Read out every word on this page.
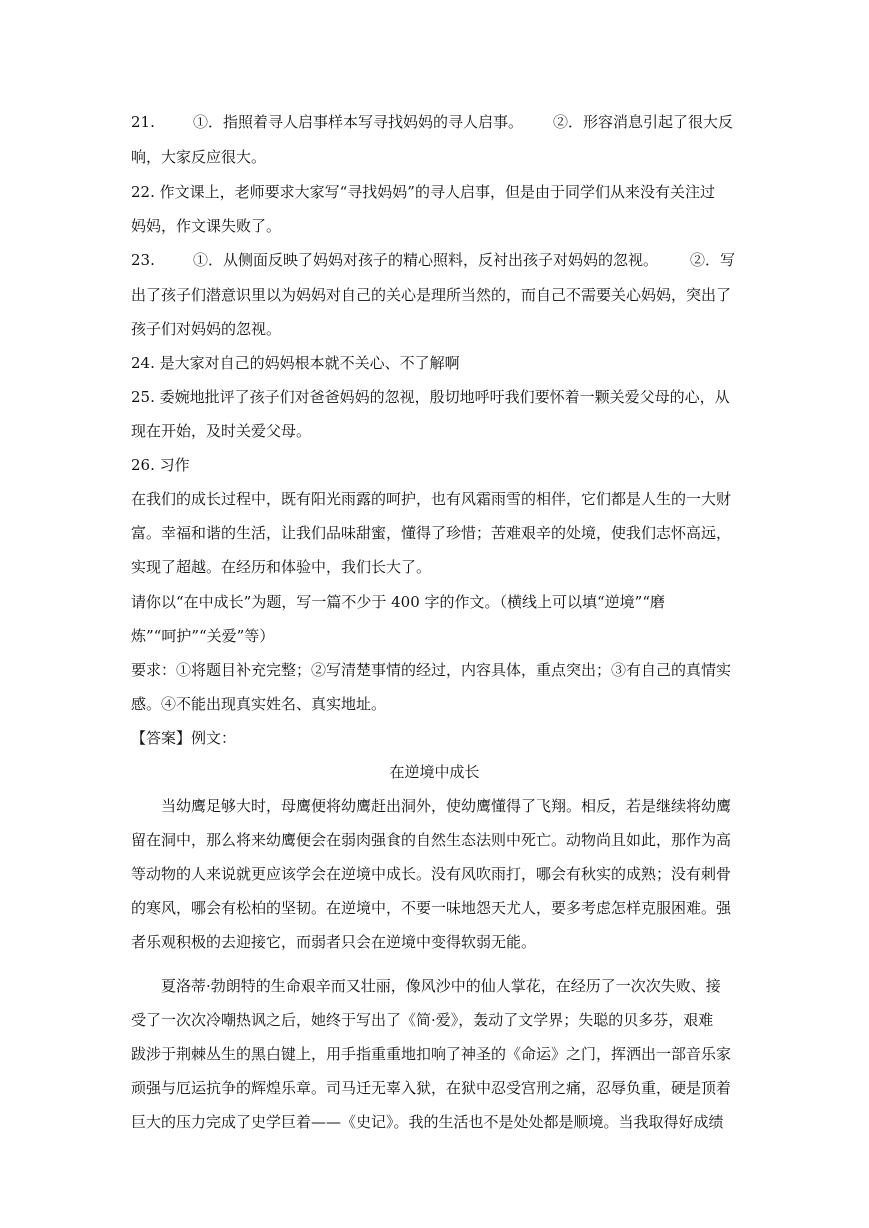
21.	①．指照着寻人启事样本写寻找妈妈的寻人启事。 ②．形容消息引起了很大反
响，大家反应很大。
22. 作文课上，老师要求大家写“寻找妈妈”的寻人启事，但是由于同学们从来没有关注过
妈妈，作文课失败了。
23.	①．从侧面反映了妈妈对孩子的精心照料，反衬出孩子对妈妈的忽视。 ②．写
出了孩子们潜意识里以为妈妈对自己的关心是理所当然的，而自己不需要关心妈妈，突出了
孩子们对妈妈的忽视。
24. 是大家对自己的妈妈根本就不关心、不了解啊
25. 委婉地批评了孩子们对爸爸妈妈的忽视，殷切地呼吁我们要怀着一颗关爱父母的心，从
现在开始，及时关爱父母。
26. 习作
在我们的成长过程中，既有阳光雨露的呵护，也有风霜雨雪的相伴，它们都是人生的一大财
富。幸福和谐的生活，让我们品味甜蜜，懂得了珍惜；苦难艰辛的处境，使我们志怀高远，
实现了超越。在经历和体验中，我们长大了。
请你以“在中成长”为题，写一篇不少于 400 字的作文。（横线上可以填“逆境”“磨
炼”“呵护”“关爱”等）
要求：①将题目补充完整；②写清楚事情的经过，内容具体，重点突出；③有自己的真情实
感。④不能出现真实姓名、真实地址。
【答案】例文：
在逆境中成长
当幼鹰足够大时，母鹰便将幼鹰赶出洞外，使幼鹰懂得了飞翔。相反，若是继续将幼鹰
留在洞中，那么将来幼鹰便会在弱肉强食的自然生态法则中死亡。动物尚且如此，那作为高
等动物的人来说就更应该学会在逆境中成长。没有风吹雨打，哪会有秋实的成熟；没有刺骨
的寒风，哪会有松柏的坚韧。在逆境中，不要一味地怨天尤人，要多考虑怎样克服困难。强
者乐观积极的去迎接它，而弱者只会在逆境中变得软弱无能。
夏洛蒂·勃朗特的生命艰辛而又壮丽，像风沙中的仙人掌花，在经历了一次次失败、接
受了一次次冷嘲热讽之后，她终于写出了《简·爱》，轰动了文学界；失聪的贝多芬，艰难
跋涉于荆棘丛生的黑白键上，用手指重重地扣响了神圣的《命运》之门，挥洒出一部音乐家
顽强与厄运抗争的辉煌乐章。司马迁无辜入狱，在狱中忍受宫刑之痛，忍辱负重，硬是顶着
巨大的压力完成了史学巨着——《史记》。我的生活也不是处处都是顺境。当我取得好成绩
